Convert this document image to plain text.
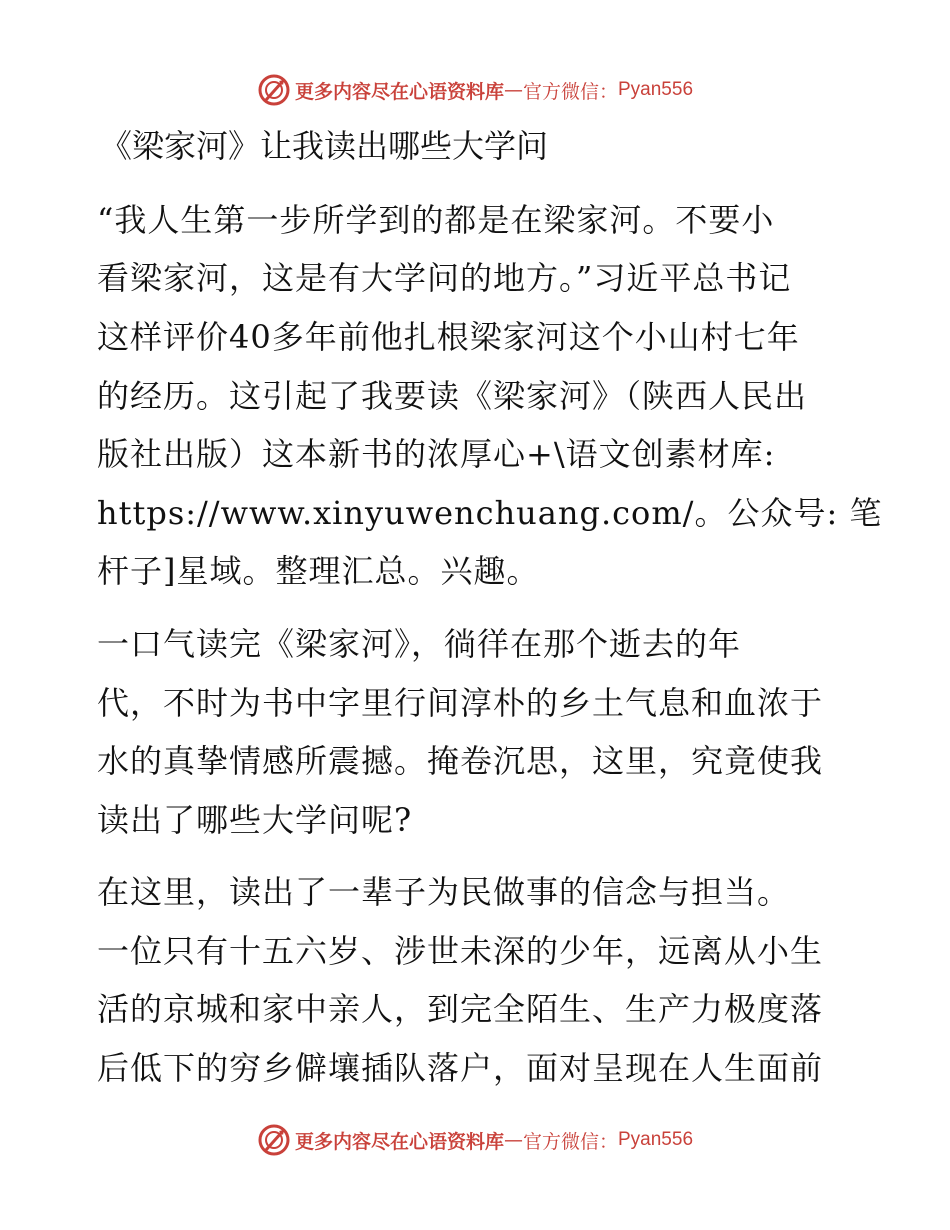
更多内容尽在心语资料库 — 官方微信： Pyan556
《梁家河》让我读出哪些大学问
“我人生第一步所学到的都是在梁家河。不要小
看梁家河，这是有大学问的地方。”习近平总书记
这样评价40多年前他扎根梁家河这个小山村七年
的经历。这引起了我要读《梁家河》（陕西人民出
版社出版）这本新书的浓厚心+\语文创素材库:
https://www.xinyuwenchuang.com/。公众号: 笔
杆子]星域。整理汇总。兴趣。
一口气读完《梁家河》，徜徉在那个逝去的年
代，不时为书中字里行间淳朴的乡土气息和血浓于
水的真挚情感所震撼。掩卷沉思，这里，究竟使我
读出了哪些大学问呢?
在这里，读出了一辈子为民做事的信念与担当。
一位只有十五六岁、涉世未深的少年，远离从小生
活的京城和家中亲人，到完全陌生、生产力极度落
后低下的穷乡僻壤插队落户，面对呈现在人生面前
更多内容尽在心语资料库 — 官方微信： Pyan556
